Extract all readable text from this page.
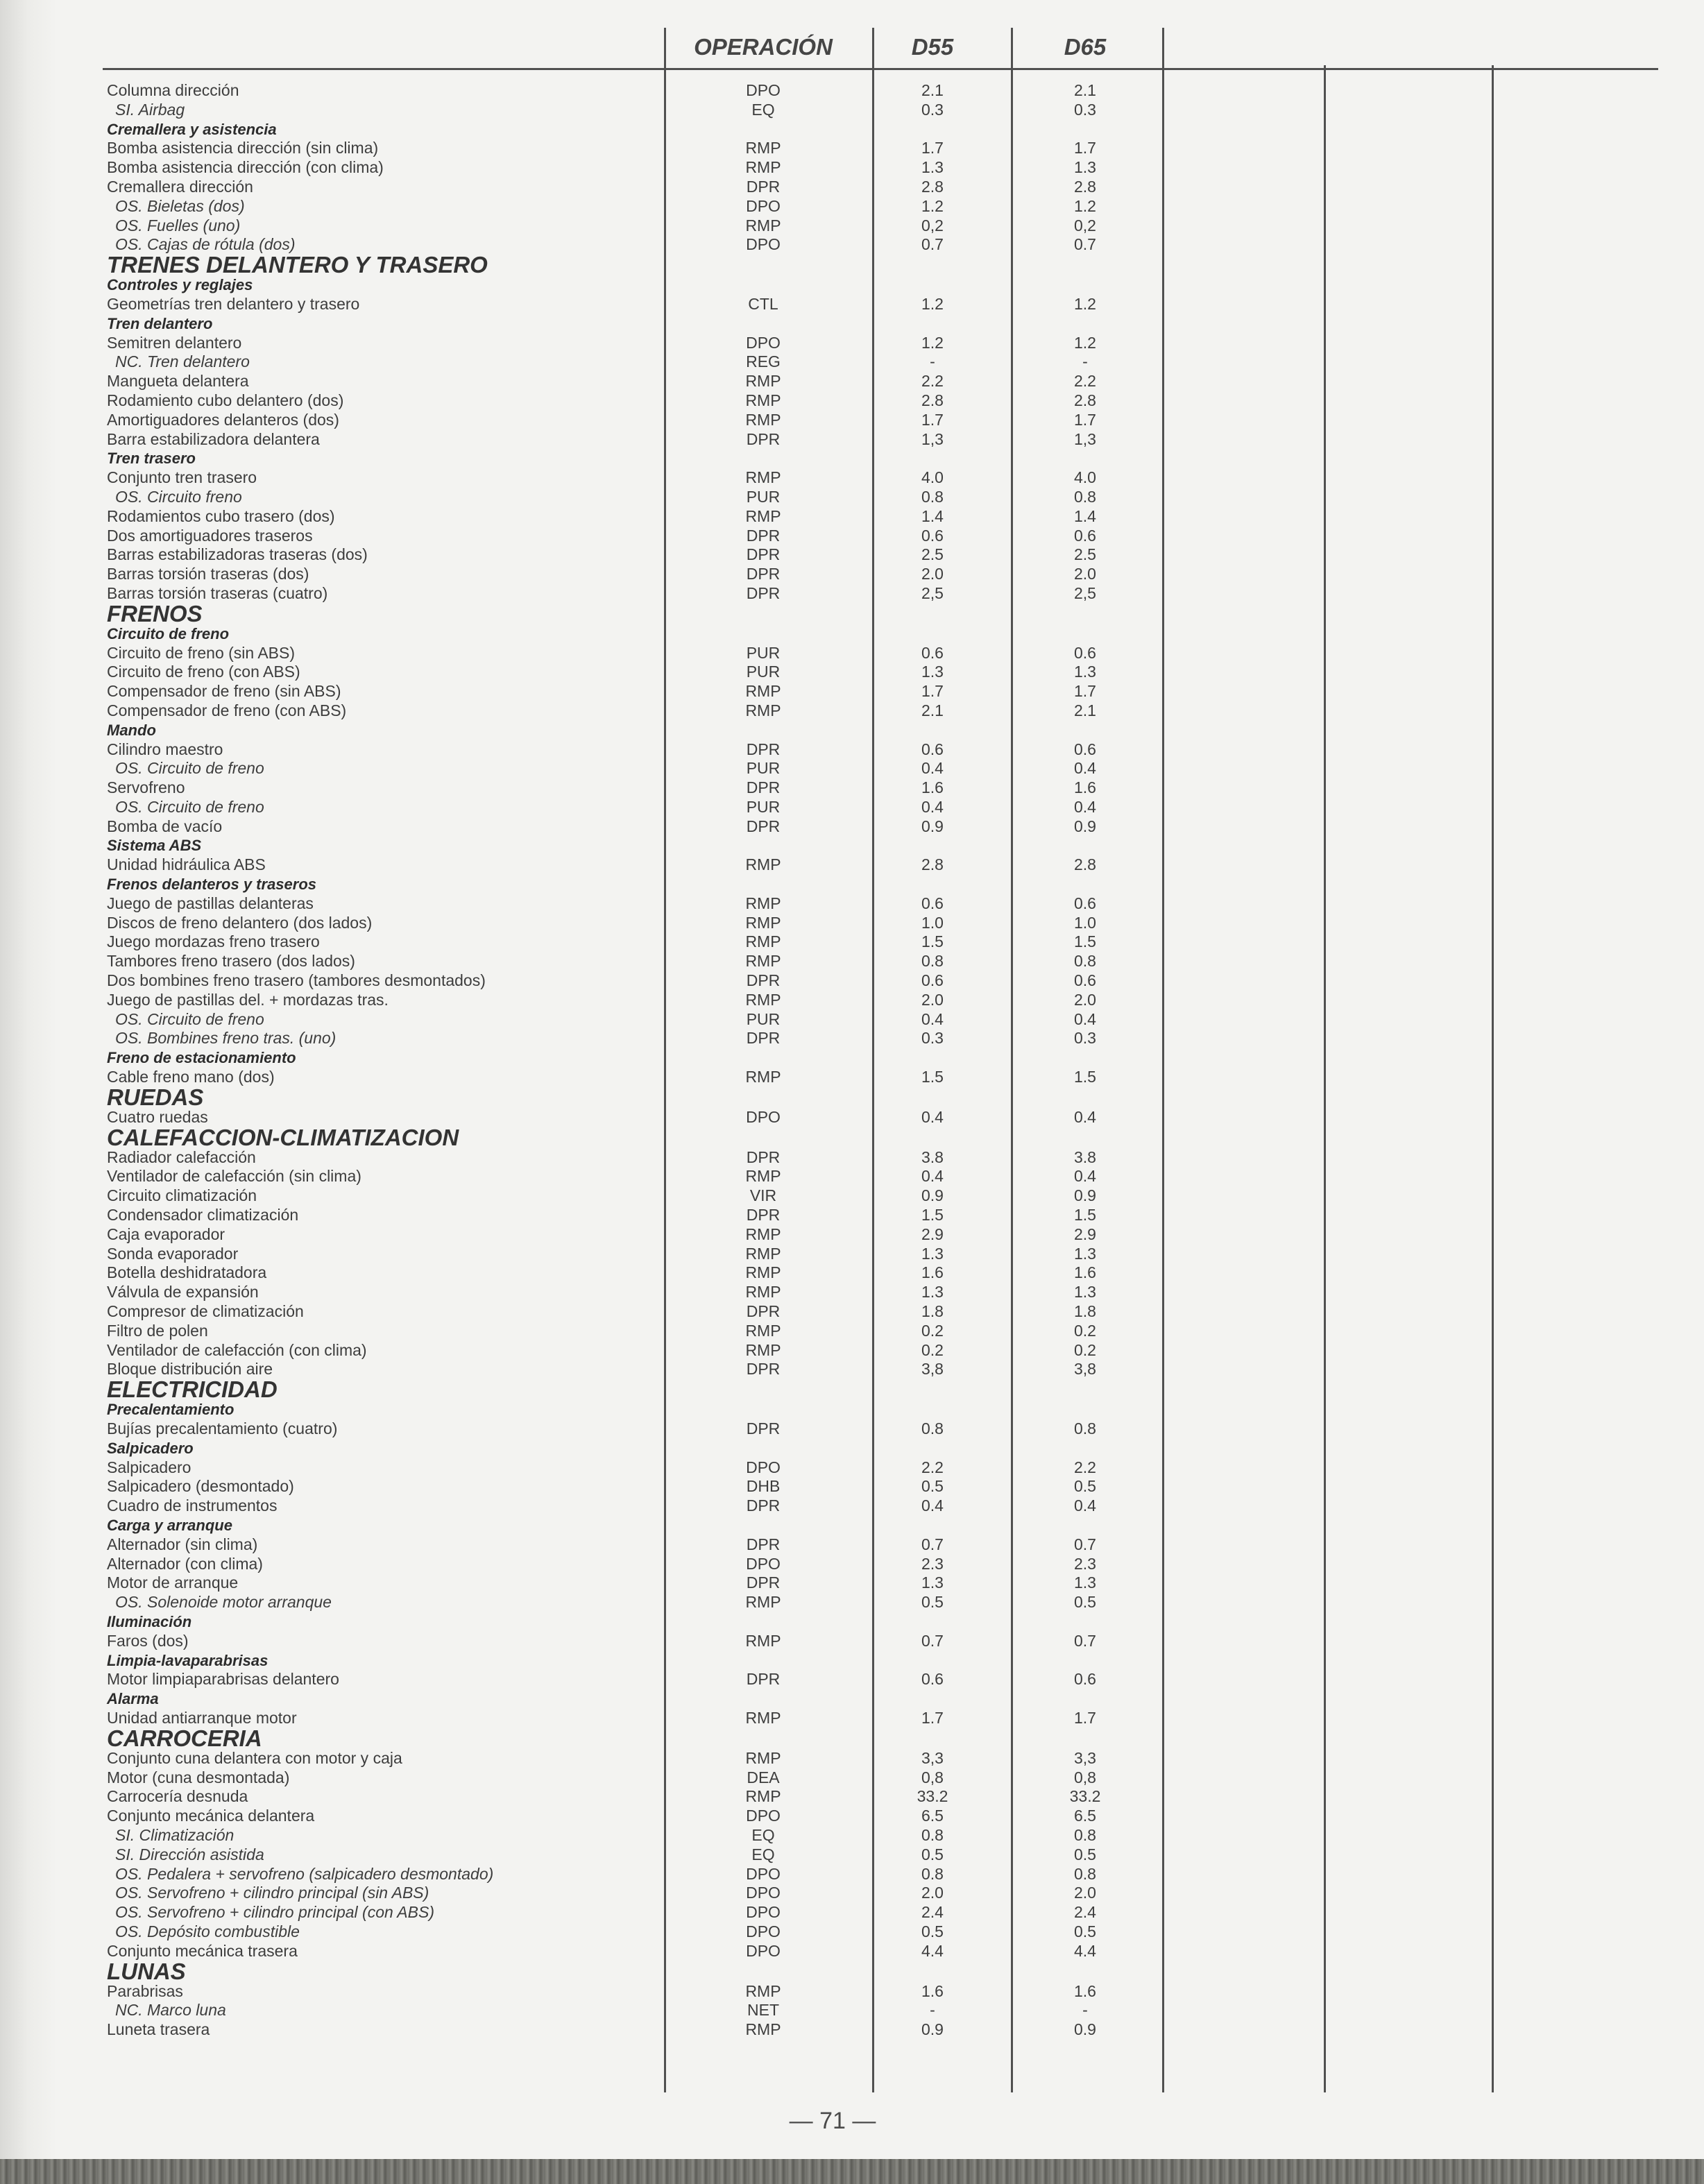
OPERACIÓN	D55	D65
Columna dirección	DPO	2.1	2.1
SI. Airbag	EQ	0.3	0.3
Cremallera y asistencia
Bomba asistencia dirección (sin clima)	RMP	1.7	1.7
Bomba asistencia dirección (con clima)	RMP	1.3	1.3
Cremallera dirección	DPR	2.8	2.8
OS. Bieletas (dos)	DPO	1.2	1.2
OS. Fuelles (uno)	RMP	0,2	0,2
OS. Cajas de rótula (dos)	DPO	0.7	0.7
TRENES DELANTERO Y TRASERO
Controles y reglajes
Geometrías tren delantero y trasero	CTL	1.2	1.2
Tren delantero
Semitren delantero	DPO	1.2	1.2
NC. Tren delantero	REG	-	-
Mangueta delantera	RMP	2.2	2.2
Rodamiento cubo delantero (dos)	RMP	2.8	2.8
Amortiguadores delanteros (dos)	RMP	1.7	1.7
Barra estabilizadora delantera	DPR	1,3	1,3
Tren trasero
Conjunto tren trasero	RMP	4.0	4.0
OS. Circuito freno	PUR	0.8	0.8
Rodamientos cubo trasero (dos)	RMP	1.4	1.4
Dos amortiguadores traseros	DPR	0.6	0.6
Barras estabilizadoras traseras (dos)	DPR	2.5	2.5
Barras torsión traseras (dos)	DPR	2.0	2.0
Barras torsión traseras (cuatro)	DPR	2,5	2,5
FRENOS
Circuito de freno
Circuito de freno (sin ABS)	PUR	0.6	0.6
Circuito de freno (con ABS)	PUR	1.3	1.3
Compensador de freno (sin ABS)	RMP	1.7	1.7
Compensador de freno (con ABS)	RMP	2.1	2.1
Mando
Cilindro maestro	DPR	0.6	0.6
OS. Circuito de freno	PUR	0.4	0.4
Servofreno	DPR	1.6	1.6
OS. Circuito de freno	PUR	0.4	0.4
Bomba de vacío	DPR	0.9	0.9
Sistema ABS
Unidad hidráulica ABS	RMP	2.8	2.8
Frenos delanteros y traseros
Juego de pastillas delanteras	RMP	0.6	0.6
Discos de freno delantero (dos lados)	RMP	1.0	1.0
Juego mordazas freno trasero	RMP	1.5	1.5
Tambores freno trasero (dos lados)	RMP	0.8	0.8
Dos bombines freno trasero (tambores desmontados)	DPR	0.6	0.6
Juego de pastillas del. + mordazas tras.	RMP	2.0	2.0
OS. Circuito de freno	PUR	0.4	0.4
OS. Bombines freno tras. (uno)	DPR	0.3	0.3
Freno de estacionamiento
Cable freno mano (dos)	RMP	1.5	1.5
RUEDAS
Cuatro ruedas	DPO	0.4	0.4
CALEFACCION-CLIMATIZACION
Radiador calefacción	DPR	3.8	3.8
Ventilador de calefacción (sin clima)	RMP	0.4	0.4
Circuito climatización	VIR	0.9	0.9
Condensador climatización	DPR	1.5	1.5
Caja evaporador	RMP	2.9	2.9
Sonda evaporador	RMP	1.3	1.3
Botella deshidratadora	RMP	1.6	1.6
Válvula de expansión	RMP	1.3	1.3
Compresor de climatización	DPR	1.8	1.8
Filtro de polen	RMP	0.2	0.2
Ventilador de calefacción (con clima)	RMP	0.2	0.2
Bloque distribución aire	DPR	3,8	3,8
ELECTRICIDAD
Precalentamiento
Bujías precalentamiento (cuatro)	DPR	0.8	0.8
Salpicadero
Salpicadero	DPO	2.2	2.2
Salpicadero (desmontado)	DHB	0.5	0.5
Cuadro de instrumentos	DPR	0.4	0.4
Carga y arranque
Alternador (sin clima)	DPR	0.7	0.7
Alternador (con clima)	DPO	2.3	2.3
Motor de arranque	DPR	1.3	1.3
OS. Solenoide motor arranque	RMP	0.5	0.5
Iluminación
Faros (dos)	RMP	0.7	0.7
Limpia-lavaparabrisas
Motor limpiaparabrisas delantero	DPR	0.6	0.6
Alarma
Unidad antiarranque motor	RMP	1.7	1.7
CARROCERIA
Conjunto cuna delantera con motor y caja	RMP	3,3	3,3
Motor (cuna desmontada)	DEA	0,8	0,8
Carrocería desnuda	RMP	33.2	33.2
Conjunto mecánica delantera	DPO	6.5	6.5
SI. Climatización	EQ	0.8	0.8
SI. Dirección asistida	EQ	0.5	0.5
OS. Pedalera + servofreno (salpicadero desmontado)	DPO	0.8	0.8
OS. Servofreno + cilindro principal (sin ABS)	DPO	2.0	2.0
OS. Servofreno + cilindro principal (con ABS)	DPO	2.4	2.4
OS. Depósito combustible	DPO	0.5	0.5
Conjunto mecánica trasera	DPO	4.4	4.4
LUNAS
Parabrisas	RMP	1.6	1.6
NC. Marco luna	NET	-	-
Luneta trasera	RMP	0.9	0.9
— 71 —
